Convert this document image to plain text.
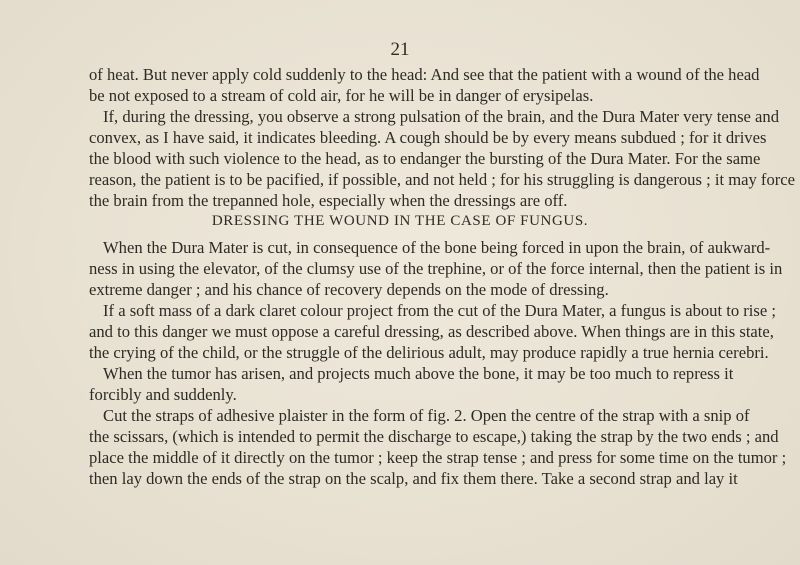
21
of heat. But never apply cold suddenly to the head: And see that the patient with a wound of the head
be not exposed to a stream of cold air, for he will be in danger of erysipelas.
If, during the dressing, you observe a strong pulsation of the brain, and the Dura Mater very tense and
convex, as I have said, it indicates bleeding. A cough should be by every means subdued ; for it drives
the blood with such violence to the head, as to endanger the bursting of the Dura Mater. For the same
reason, the patient is to be pacified, if possible, and not held ; for his struggling is dangerous ; it may force
the brain from the trepanned hole, especially when the dressings are off.
DRESSING THE WOUND IN THE CASE OF FUNGUS.
When the Dura Mater is cut, in consequence of the bone being forced in upon the brain, of aukward-
ness in using the elevator, of the clumsy use of the trephine, or of the force internal, then the patient is in
extreme danger ; and his chance of recovery depends on the mode of dressing.
If a soft mass of a dark claret colour project from the cut of the Dura Mater, a fungus is about to rise ;
and to this danger we must oppose a careful dressing, as described above. When things are in this state,
the crying of the child, or the struggle of the delirious adult, may produce rapidly a true hernia cerebri.
When the tumor has arisen, and projects much above the bone, it may be too much to repress it
forcibly and suddenly.
Cut the straps of adhesive plaister in the form of fig. 2. Open the centre of the strap with a snip of
the scissars, (which is intended to permit the discharge to escape,) taking the strap by the two ends ; and
place the middle of it directly on the tumor ; keep the strap tense ; and press for some time on the tumor ;
then lay down the ends of the strap on the scalp, and fix them there. Take a second strap and lay it
